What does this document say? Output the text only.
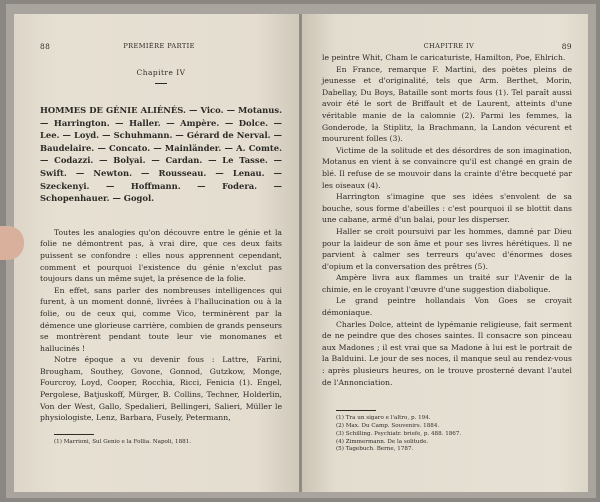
88	PREMIÈRE PARTIE
Chapitre IV
HOMMES DE GÉNIE ALIÉNÉS. — Vico. — Motanus. — Harrington. — Haller. — Ampère. — Dolce. — Lee. — Loyd. — Schuhmann. — Gérard de Nerval. — Baudelaire. — Concato. — Mainländer. — A. Comte. — Codazzi. — Bolyai. — Cardan. — Le Tasse. — Swift. — Newton. — Rousseau. — Lenau. — Szeckenyi. — Hoffmann. — Fodera. — Schopenhauer. — Gogol.

Toutes les analogies qu'on découvre entre le génie et la folie ne démontrent pas, à vrai dire, que ces deux faits puissent se confondre : elles nous apprennent cependant, comment et pourquoi l'existence du génie n'exclut pas toujours dans un même sujet, la présence de la folie.

En effet, sans parler des nombreuses intelligences qui furent, à un moment donné, livrées à l'hallucination ou à la folie, ou de ceux qui, comme Vico, terminèrent par la démence une glorieuse carrière, combien de grands penseurs se montrèrent pendant toute leur vie monomanes et hallucinés !

Notre époque a vu devenir fous : Lattre, Farini, Brougham, Southey, Govone, Gonnod, Gutzkow, Monge, Fourcroy, Loyd, Cooper, Rocchia, Ricci, Fenicia (1). Engel, Pergolese, Batjuskoff, Mürger, B. Collins, Techner, Holderlin, Von der West, Gallo, Spedalieri, Bellingeri, Salieri, Müller le physiologiste, Lenz, Barbara, Fusely, Petermann,

(1) Marrioni, Sul Genio e la Follia. Napoli, 1881.

CHAPITRE IV	89

le peintre Whit, Cham le caricaturiste, Hamilton, Poe, Ehlrich.

En France, remarque F. Martini, des poètes pleins de jeunesse et d'originalité, tels que Arm. Berthet, Morin, Dabellay, Du Boys, Bataille sont morts fous (1). Tel paraît aussi avoir été le sort de Briffault et de Laurent, atteints d'une véritable manie de la calomnie (2). Parmi les femmes, la Gonderode, la Stiplitz, la Brachmann, la Landon vécurent et moururent folles (3).

Victime de la solitude et des désordres de son imagination, Motanus en vient à se convaincre qu'il est changé en grain de blé. Il refuse de se mouvoir dans la crainte d'être becqueté par les oiseaux (4).

Harrington s'imagine que ses idées s'envolent de sa bouche, sous forme d'abeilles : c'est pourquoi il se blottit dans une cabane, armé d'un balai, pour les disperser.

Haller se croit poursuivi par les hommes, damné par Dieu pour la laideur de son âme et pour ses livres hérétiques. Il ne parvient à calmer ses terreurs qu'avec d'énormes doses d'opium et la conversation des prêtres (5).

Ampère livra aux flammes un traité sur l'Avenir de la chimie, en le croyant l'œuvre d'une suggestion diabolique.

Le grand peintre hollandais Von Goes se croyait démoniaque.

Charles Dolce, atteint de lypémanie religieuse, fait serment de ne peindre que des choses saintes. Il consacre son pinceau aux Madones ; il est vrai que sa Madone à lui est le portrait de la Balduini. Le jour de ses noces, il manque seul au rendez-vous : après plusieurs heures, on le trouve prosterné devant l'autel de l'Annonciation.

(1) Tra un sigaro e l'altro, p. 194.

(2) Max. Du Camp. Souvenirs. 1884.

(3) Schilling. Psychiatr. briefe, p. 488. 1867.

(4) Zimmermann. De la solitude.

(5) Tagebuch. Berne, 1787.
